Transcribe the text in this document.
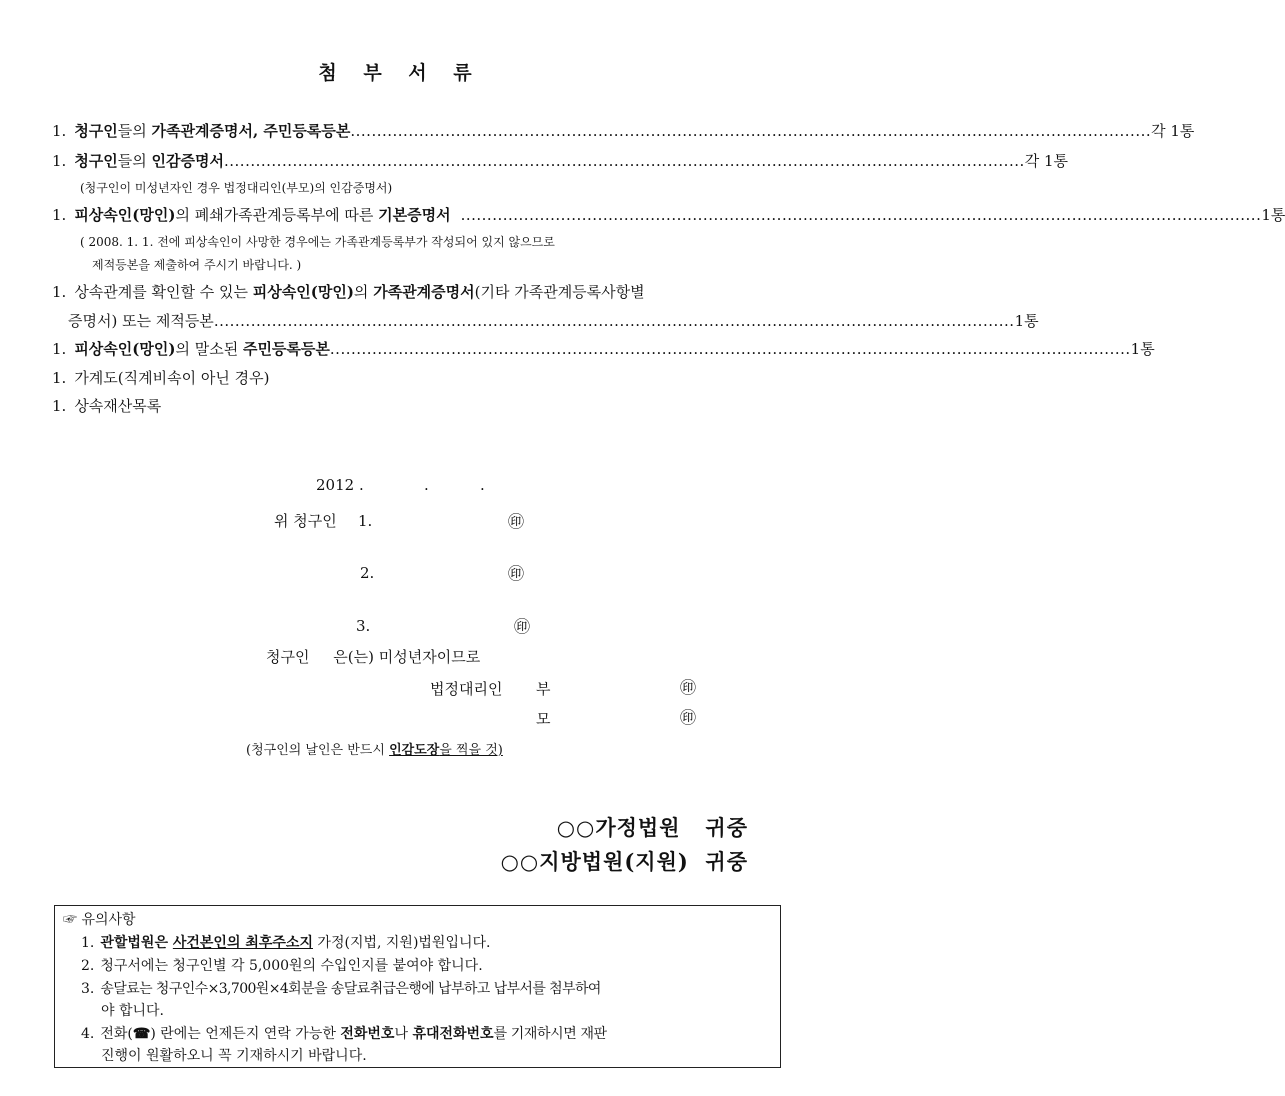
첨 부 서 류
1. 청구인 들의 가족관계증명서, 주민등록등본 ........................................................................................................................................................ 각 1통
1. 청구인 들의 인감증명서 ........................................................................................................................................................ 각 1통
(청구인이 미성년자인 경우 법정대리인(부모)의 인감증명서)
1. 피상속인(망인) 의 폐쇄가족관계등록부에 따른 기본증명서 ........................................................................................................................................................ 1통
( 2008. 1. 1. 전에 피상속인이 사망한 경우에는 가족관계등록부가 작성되어 있지 않으므로
제적등본을 제출하여 주시기 바랍니다. )
1. 상속관계를 확인할 수 있는 피상속인(망인)의 가족관계증명서(기타 가족관계등록사항별
증명서) 또는 제적등본 ........................................................................................................................................................ 1통
1. 피상속인(망인) 의 말소된 주민등록등본 ........................................................................................................................................................ 1통
1. 가계도(직계비속이 아닌 경우)
1. 상속재산목록
2012 .	.	.
위 청구인 1.	㊞
2.	㊞
3.	㊞
청구인     은(는) 미성년자이므로
법정대리인 부	㊞
모	㊞
(청구인의 날인은 반드시 인감도장을 찍을 것)
○○가정법원   귀중
○○지방법원(지원)  귀중
☞ 유의사항
1. 관할법원은 사건본인의 최후주소지 가정(지법, 지원)법원입니다.
2. 청구서에는 청구인별 각 5,000원의 수입인지를 붙여야 합니다.
3. 송달료는 청구인수×3,700원×4회분을 송달료취급은행에 납부하고 납부서를 첨부하여
야 합니다.
4. 전화(☎) 란에는 언제든지 연락 가능한 전화번호나 휴대전화번호를 기재하시면 재판
진행이 원활하오니 꼭 기재하시기 바랍니다.
